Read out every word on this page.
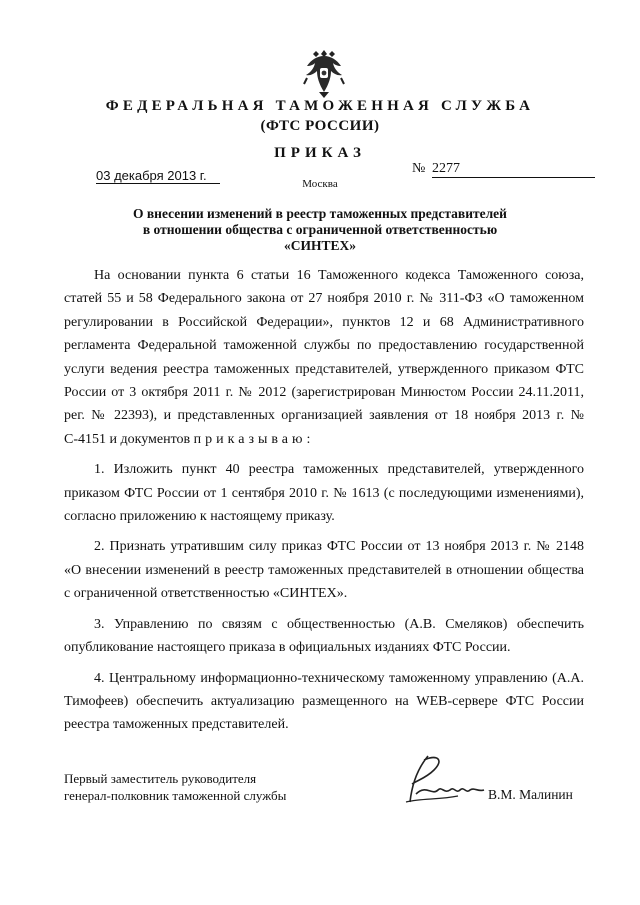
ФЕДЕРАЛЬНАЯ ТАМОЖЕННАЯ СЛУЖБА
(ФТС РОССИИ)
ПРИКАЗ
03 декабря 2013 г.	№ 2277
Москва
О внесении изменений в реестр таможенных представителей
в отношении общества с ограниченной ответственностью
«СИНТЕХ»

На основании пункта 6 статьи 16 Таможенного кодекса Таможенного союза, статей 55 и 58 Федерального закона от 27 ноября 2010 г. № 311-ФЗ «О таможенном регулировании в Российской Федерации», пунктов 12 и 68 Административного регламента Федеральной таможенной службы по предоставлению государственной услуги ведения реестра таможенных представителей, утвержденного приказом ФТС России от 3 октября 2011 г. № 2012 (зарегистрирован Минюстом России 24.11.2011, рег. № 22393), и представленных организацией заявления от 18 ноября 2013 г. № С-4151 и документов приказываю:

1. Изложить пункт 40 реестра таможенных представителей, утвержденного приказом ФТС России от 1 сентября 2010 г. № 1613 (с последующими изменениями), согласно приложению к настоящему приказу.

2. Признать утратившим силу приказ ФТС России от 13 ноября 2013 г. № 2148 «О внесении изменений в реестр таможенных представителей в отношении общества с ограниченной ответственностью «СИНТЕХ».

3. Управлению по связям с общественностью (А.В. Смеляков) обеспечить опубликование настоящего приказа в официальных изданиях ФТС России.

4. Центральному информационно-техническому таможенному управлению (А.А. Тимофеев) обеспечить актуализацию размещенного на WEB-сервере ФТС России реестра таможенных представителей.

Первый заместитель руководителя
генерал-полковник таможенной службы	В.М. Малинин
